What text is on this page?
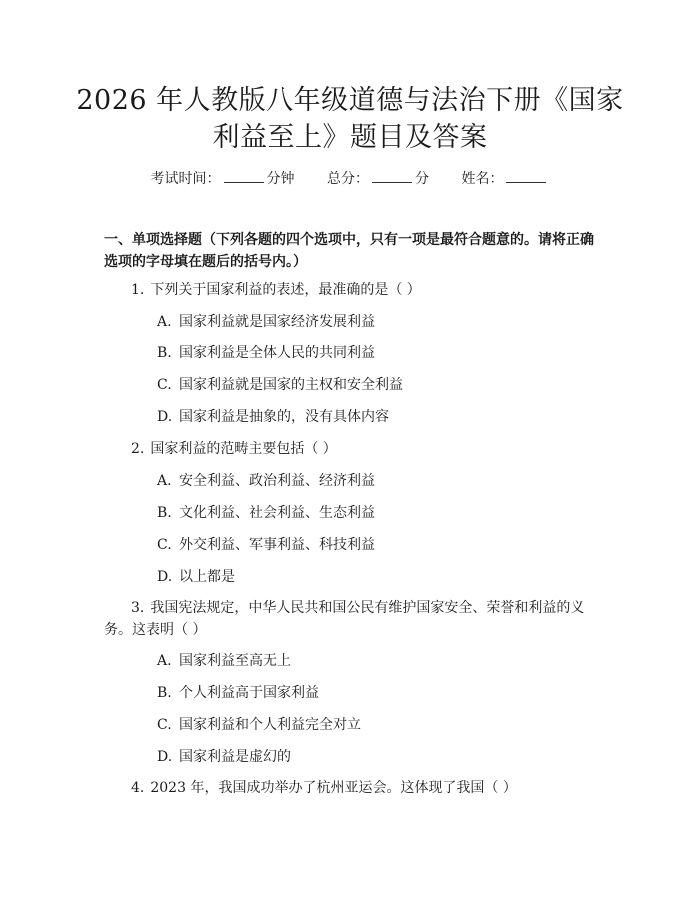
2026 年人教版八年级道德与法治下册《国家
利益至上》题目及答案
考试时间：	分钟 总分：	分 姓名：

一、单项选择题（下列各题的四个选项中，只有一项是最符合题意的。请将正确
选项的字母填在题后的括号内。）

1. 下列关于国家利益的表述，最准确的是（ ）

A. 国家利益就是国家经济发展利益

B. 国家利益是全体人民的共同利益

C. 国家利益就是国家的主权和安全利益

D. 国家利益是抽象的，没有具体内容

2. 国家利益的范畴主要包括（ ）

A. 安全利益、政治利益、经济利益

B. 文化利益、社会利益、生态利益

C. 外交利益、军事利益、科技利益

D. 以上都是

3. 我国宪法规定，中华人民共和国公民有维护国家安全、荣誉和利益的义
务。这表明（ ）

A. 国家利益至高无上

B. 个人利益高于国家利益

C. 国家利益和个人利益完全对立

D. 国家利益是虚幻的

4. 2023 年，我国成功举办了杭州亚运会。这体现了我国（ ）
